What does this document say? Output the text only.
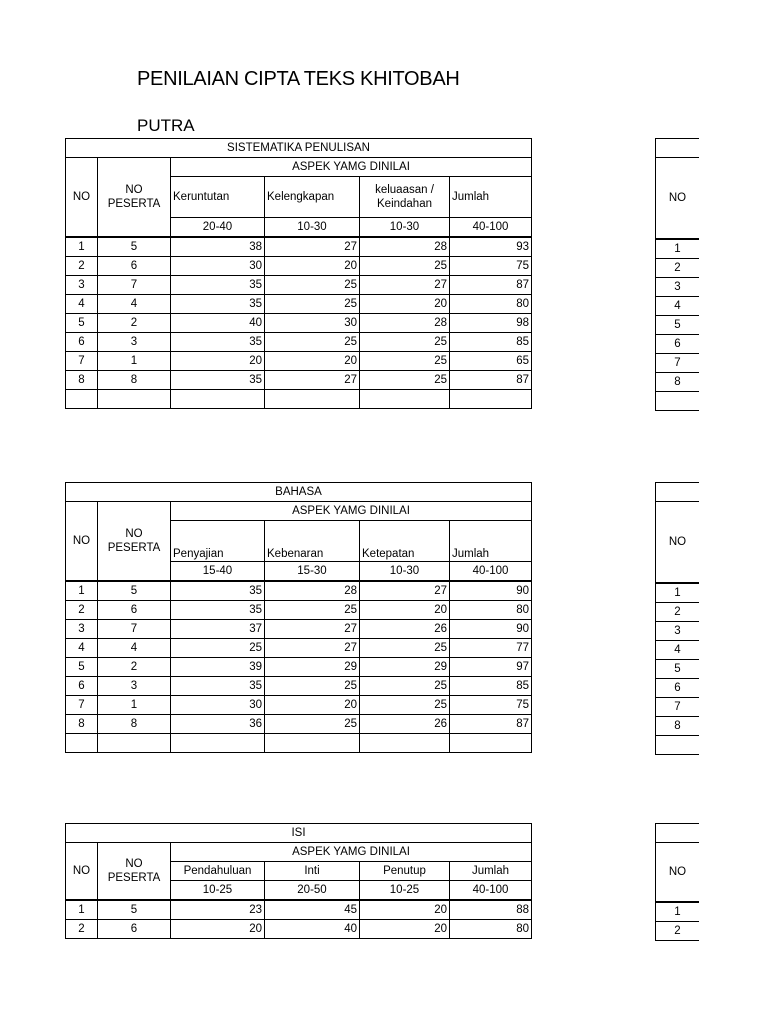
PENILAIAN CIPTA TEKS KHITOBAH
PUTRA
SISTEMATIKA PENULISAN					
NO	NO PESERTA	ASPEK YAMG DINILAI			
		Keruntutan	Kelengkapan	keluaasan /
Keindahan	Jumlah
		20-40	10-30	10-30	40-100
1	5	38	27	28	93
2	6	30	20	25	75
3	7	35	25	27	87
4	4	35	25	20	80
5	2	40	30	28	98
6	3	35	25	25	85
7	1	20	20	25	65
8	8	35	27	25	87

BAHASA					
NO	NO PESERTA	ASPEK YAMG DINILAI			
		Penyajian	Kebenaran	Ketepatan	Jumlah
		15-40	15-30	10-30	40-100
1	5	35	28	27	90
2	6	35	25	20	80
3	7	37	27	26	90
4	4	25	27	25	77
5	2	39	29	29	97
6	3	35	25	25	85
7	1	30	20	25	75
8	8	36	25	26	87

ISI					
NO	NO PESERTA	ASPEK YAMG DINILAI			
		Pendahuluan	Inti	Penutup	Jumlah
		10-25	20-50	10-25	40-100
1	5	23	45	20	88
2	6	20	40	20	80

NO
1
2
3
4
5
6
7
8

NO
1
2
3
4
5
6
7
8

NO
1
2
